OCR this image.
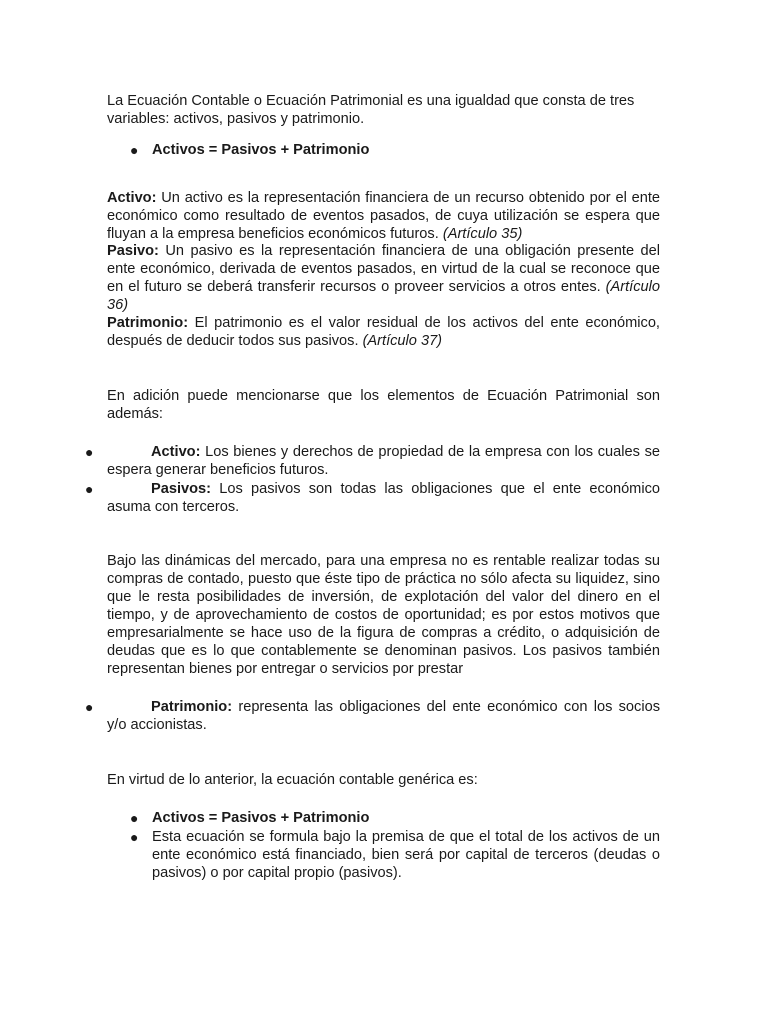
La Ecuación Contable o Ecuación Patrimonial es una igualdad que consta de tres variables: activos, pasivos y patrimonio.

● Activos = Pasivos + Patrimonio

Activo: Un activo es la representación financiera de un recurso obtenido por el ente económico como resultado de eventos pasados, de cuya utilización se espera que fluyan a la empresa beneficios económicos futuros. (Artículo 35)

Pasivo: Un pasivo es la representación financiera de una obligación presente del ente económico, derivada de eventos pasados, en virtud de la cual se reconoce que en el futuro se deberá transferir recursos o proveer servicios a otros entes. (Artículo 36)

Patrimonio: El patrimonio es el valor residual de los activos del ente económico, después de deducir todos sus pasivos. (Artículo 37)

En adición puede mencionarse que los elementos de Ecuación Patrimonial son además:

●	Activo: Los bienes y derechos de propiedad de la empresa con los cuales se espera generar beneficios futuros.

●	Pasivos: Los pasivos son todas las obligaciones que el ente económico asuma con terceros.

Bajo las dinámicas del mercado, para una empresa no es rentable realizar todas su compras de contado, puesto que éste tipo de práctica no sólo afecta su liquidez, sino que le resta posibilidades de inversión, de explotación del valor del dinero en el tiempo, y de aprovechamiento de costos de oportunidad; es por estos motivos que empresarialmente se hace uso de la figura de compras a crédito, o adquisición de deudas que es lo que contablemente se denominan pasivos. Los pasivos también representan bienes por entregar o servicios por prestar

●	Patrimonio: representa las obligaciones del ente económico con los socios y/o accionistas.

En virtud de lo anterior, la ecuación contable genérica es:

● Activos = Pasivos + Patrimonio

● Esta ecuación se formula bajo la premisa de que el total de los activos de un ente económico está financiado, bien será por capital de terceros (deudas o pasivos) o por capital propio (pasivos).
